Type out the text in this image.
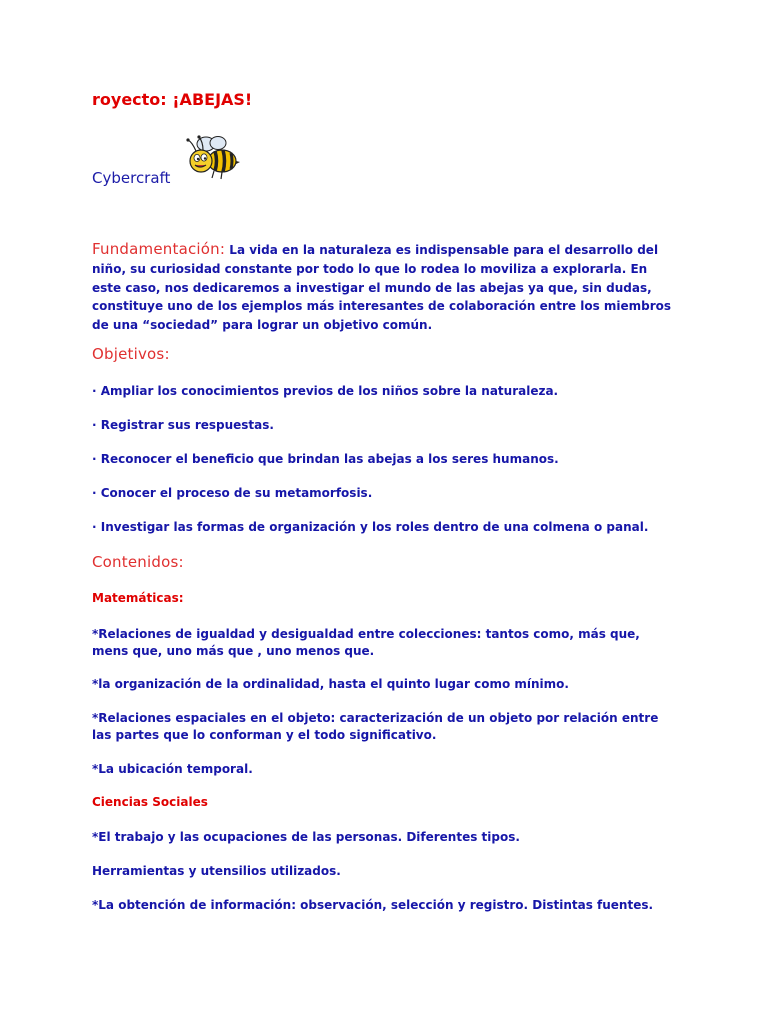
royecto: ¡ABEJAS!

Cybercraft

Fundamentación: La vida en la naturaleza es indispensable para el desarrollo del niño, su curiosidad constante por todo lo que lo rodea lo moviliza a explorarla. En este caso, nos dedicaremos a investigar el mundo de las abejas ya que, sin dudas, constituye uno de los ejemplos más interesantes de colaboración entre los miembros de una “sociedad” para lograr un objetivo común.

Objetivos:

· Ampliar los conocimientos previos de los niños sobre la naturaleza.

· Registrar sus respuestas.

· Reconocer el beneficio que brindan las abejas a los seres humanos.

· Conocer el proceso de su metamorfosis.

· Investigar las formas de organización y los roles dentro de una colmena o panal.

Contenidos:

Matemáticas:

*Relaciones de igualdad y desigualdad entre colecciones: tantos como, más que, mens que, uno más que , uno menos que.

*la organización de la ordinalidad, hasta el quinto lugar como mínimo.

*Relaciones espaciales en el objeto: caracterización de un objeto por relación entre las partes que lo conforman y el todo significativo.

*La ubicación temporal.

Ciencias Sociales

*El trabajo y las ocupaciones de las personas. Diferentes tipos.

Herramientas y utensilios utilizados.

*La obtención de información: observación, selección y registro. Distintas fuentes.
